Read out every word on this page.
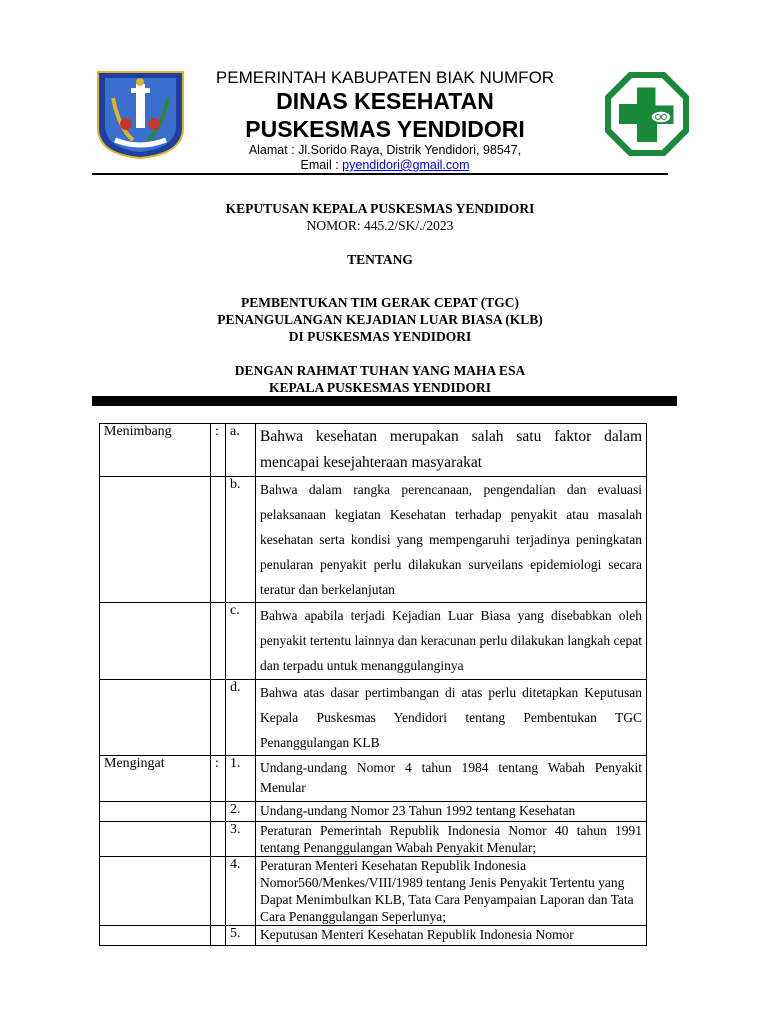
PEMERINTAH KABUPATEN BIAK NUMFOR
DINAS KESEHATAN
PUSKESMAS YENDIDORI
Alamat : Jl.Sorido Raya, Distrik Yendidori, 98547,
Email : pyendidori@gmail.com
KEPUTUSAN KEPALA PUSKESMAS YENDIDORI
NOMOR: 445.2/SK/./2023
TENTANG
PEMBENTUKAN TIM GERAK CEPAT (TGC)
PENANGULANGAN KEJADIAN LUAR BIASA (KLB)
DI PUSKESMAS YENDIDORI
DENGAN RAHMAT TUHAN YANG MAHA ESA
KEPALA PUSKESMAS YENDIDORI
Menimbang	:	a.	Bahwa kesehatan merupakan salah satu faktor dalam mencapai kesejahteraan masyarakat
		b.	Bahwa dalam rangka perencanaan, pengendalian dan evaluasi pelaksanaan kegiatan Kesehatan terhadap penyakit atau masalah kesehatan serta kondisi yang mempengaruhi terjadinya peningkatan penularan penyakit perlu dilakukan surveilans epidemiologi secara teratur dan berkelanjutan
		c.	Bahwa apabila terjadi Kejadian Luar Biasa yang disebabkan oleh penyakit tertentu lainnya dan keracunan perlu dilakukan langkah cepat dan terpadu untuk menanggulanginya
		d.	Bahwa atas dasar pertimbangan di atas perlu ditetapkan Keputusan Kepala Puskesmas Yendidori tentang Pembentukan TGC Penanggulangan KLB
Mengingat	:	1.	Undang-undang Nomor 4 tahun 1984 tentang Wabah Penyakit Menular
		2.	Undang-undang Nomor 23 Tahun 1992 tentang Kesehatan
		3.	Peraturan Pemerintah Republik Indonesia Nomor 40 tahun 1991 tentang Penanggulangan Wabah Penyakit Menular;
		4.	Peraturan Menteri Kesehatan Republik Indonesia Nomor560/Menkes/VIII/1989 tentang Jenis Penyakit Tertentu yang Dapat Menimbulkan KLB, Tata Cara Penyampaian Laporan dan Tata Cara Penanggulangan Seperlunya;
		5.	Keputusan Menteri Kesehatan Republik Indonesia Nomor
